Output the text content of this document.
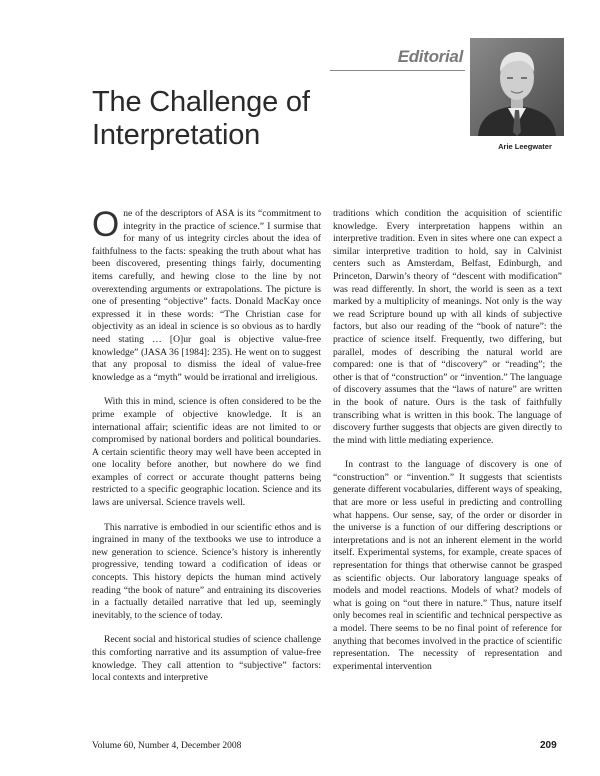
Editorial
Arie Leegwater
The Challenge of Interpretation

One of the descriptors of ASA is its “commitment to integrity in the practice of science.” I surmise that for many of us integrity circles about the idea of faithfulness to the facts: speaking the truth about what has been discovered, presenting things fairly, documenting items carefully, and hewing close to the line by not overextending arguments or extrapolations. The picture is one of presenting “objective” facts. Donald MacKay once expressed it in these words: “The Christian case for objectivity as an ideal in science is so obvious as to hardly need stating … [O]ur goal is objective value-free knowledge” (JASA 36 [1984]: 235). He went on to suggest that any proposal to dismiss the ideal of value-free knowledge as a “myth” would be irrational and irreligious.

With this in mind, science is often considered to be the prime example of objective knowledge. It is an international affair; scientific ideas are not limited to or compromised by national borders and political boundaries. A certain scientific theory may well have been accepted in one locality before another, but nowhere do we find examples of correct or accurate thought patterns being restricted to a specific geographic location. Science and its laws are universal. Science travels well.

This narrative is embodied in our scientific ethos and is ingrained in many of the textbooks we use to introduce a new generation to science. Science’s history is inherently progressive, tending toward a codification of ideas or concepts. This history depicts the human mind actively reading “the book of nature” and entraining its discoveries in a factually detailed narrative that led up, seemingly inevitably, to the science of today.

Recent social and historical studies of science challenge this comforting narrative and its assumption of value-free knowledge. They call attention to “subjective” factors: local contexts and interpretive

traditions which condition the acquisition of scientific knowledge. Every interpretation happens within an interpretive tradition. Even in sites where one can expect a similar interpretive tradition to hold, say in Calvinist centers such as Amsterdam, Belfast, Edinburgh, and Princeton, Darwin’s theory of “descent with modification” was read differently. In short, the world is seen as a text marked by a multiplicity of meanings. Not only is the way we read Scripture bound up with all kinds of subjective factors, but also our reading of the “book of nature”: the practice of science itself. Frequently, two differing, but parallel, modes of describing the natural world are compared: one is that of “discovery” or “reading”; the other is that of “construction” or “invention.” The language of discovery assumes that the “laws of nature” are written in the book of nature. Ours is the task of faithfully transcribing what is written in this book. The language of discovery further suggests that objects are given directly to the mind with little mediating experience.

In contrast to the language of discovery is one of “construction” or “invention.” It suggests that scientists generate different vocabularies, different ways of speaking, that are more or less useful in predicting and controlling what happens. Our sense, say, of the order or disorder in the universe is a function of our differing descriptions or interpretations and is not an inherent element in the world itself. Experimental systems, for example, create spaces of representation for things that otherwise cannot be grasped as scientific objects. Our laboratory language speaks of models and model reactions. Models of what? models of what is going on “out there in nature.” Thus, nature itself only becomes real in scientific and technical perspective as a model. There seems to be no final point of reference for anything that becomes involved in the practice of scientific representation. The necessity of representation and experimental intervention

Volume 60, Number 4, December 2008	209
